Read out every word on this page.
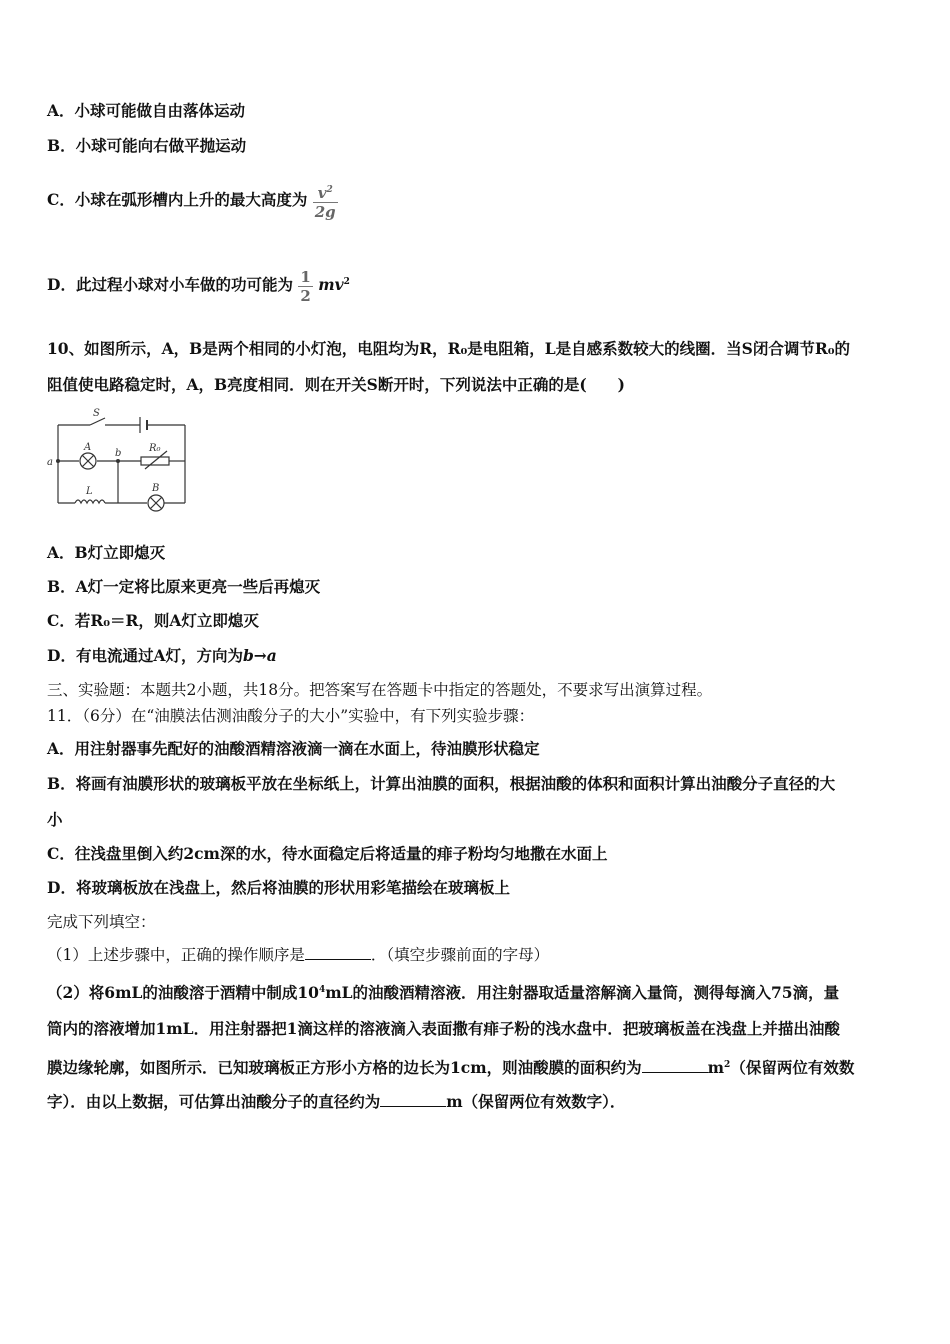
A．小球可能做自由落体运动
B．小球可能向右做平抛运动
C．小球在弧形槽内上升的最大高度为 $\frac{v^2}{2g}$
D．此过程小球对小车做的功可能为 $\frac{1}{2} mv^2$
10、如图所示，A，B是两个相同的小灯泡，电阻均为R，R₀是电阻箱，L是自感系数较大的线圈．当S闭合调节R₀的
阻值使电路稳定时，A，B亮度相同．则在开关S断开时，下列说法中正确的是(　　)
S
a
b
A	R₀
L	B
A．B灯立即熄灭
B．A灯一定将比原来更亮一些后再熄灭
C．若R₀＝R，则A灯立即熄灭
D．有电流通过A灯，方向为b→a
三、实验题：本题共2小题，共18分。把答案写在答题卡中指定的答题处，不要求写出演算过程。
11．（6分）在“油膜法估测油酸分子的大小”实验中，有下列实验步骤：
A．用注射器事先配好的油酸酒精溶液滴一滴在水面上，待油膜形状稳定
B．将画有油膜形状的玻璃板平放在坐标纸上，计算出油膜的面积，根据油酸的体积和面积计算出油酸分子直径的大
小
C．往浅盘里倒入约2cm深的水，待水面稳定后将适量的痱子粉均匀地撒在水面上
D．将玻璃板放在浅盘上，然后将油膜的形状用彩笔描绘在玻璃板上
完成下列填空：
（1）上述步骤中，正确的操作顺序是	．（填空步骤前面的字母）
（2）将6mL的油酸溶于酒精中制成$10^4mL$的油酸酒精溶液．用注射器取适量溶解滴入量筒，测得每滴入75滴，量
筒内的溶液增加1mL．用注射器把1滴这样的溶液滴入表面撒有痱子粉的浅水盘中．把玻璃板盖在浅盘上并描出油酸
膜边缘轮廓，如图所示．已知玻璃板正方形小方格的边长为1cm，则油酸膜的面积约为	$m^2$（保留两位有效数
字）．由以上数据，可估算出油酸分子的直径约为	m（保留两位有效数字）．
